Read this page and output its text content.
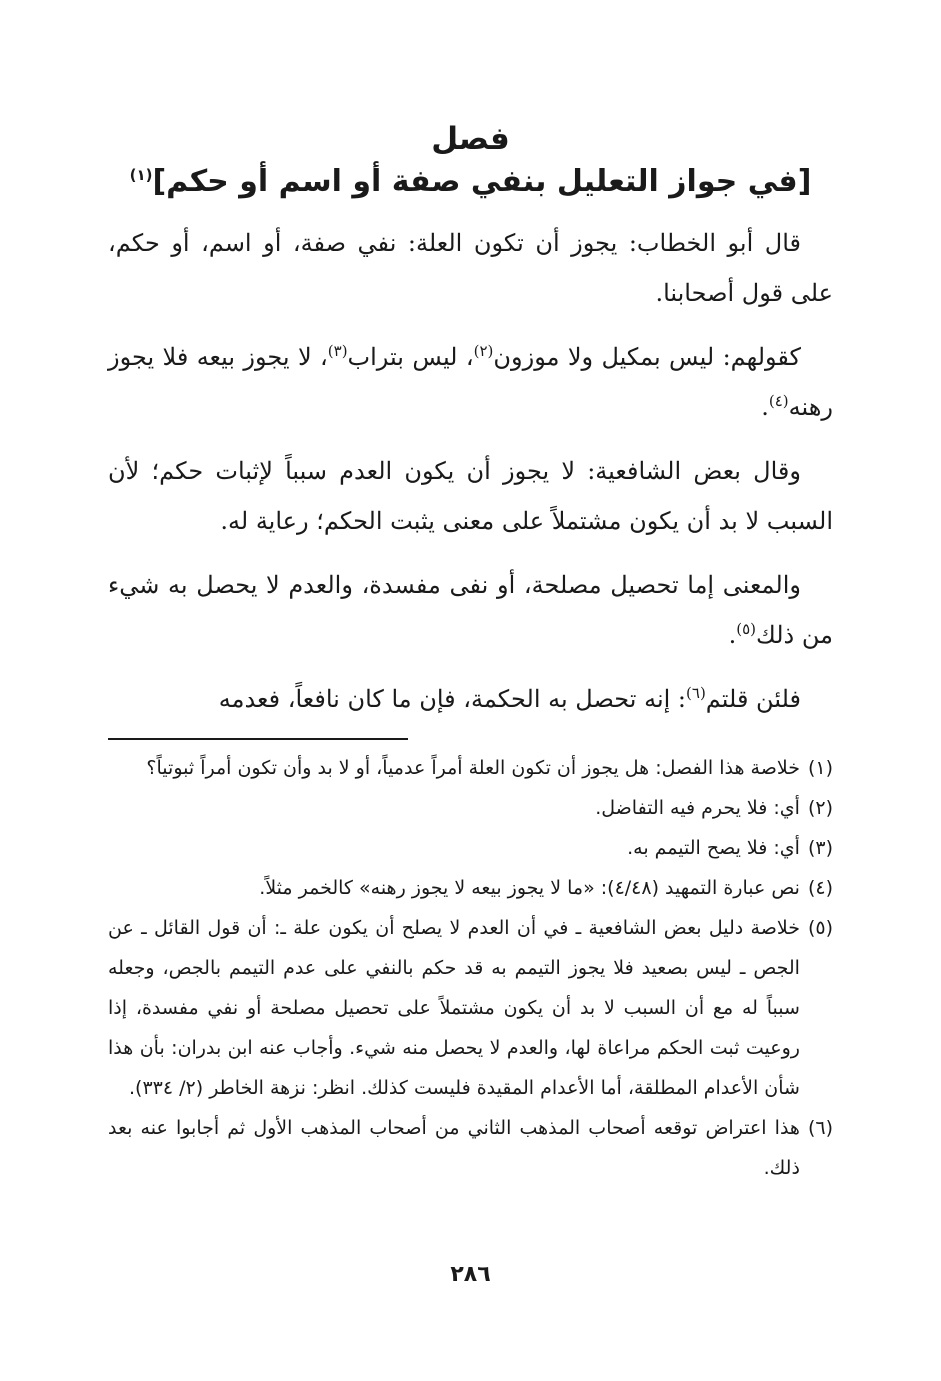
فصل
[في جواز التعليل بنفي صفة أو اسم أو حكم]$^{(١)}$

قال أبو الخطاب: يجوز أن تكون العلة: نفي صفة، أو اسم، أو حكم، على قول أصحابنا.

كقولهم: ليس بمكيل ولا موزون$^{(٢)}$، ليس بتراب$^{(٣)}$، لا يجوز بيعه فلا يجوز رهنه$^{(٤)}$.

وقال بعض الشافعية: لا يجوز أن يكون العدم سبباً لإثبات حكم؛ لأن السبب لا بد أن يكون مشتملاً على معنى يثبت الحكم؛ رعاية له.

والمعنى إما تحصيل مصلحة، أو نفى مفسدة، والعدم لا يحصل به شيء من ذلك$^{(٥)}$.

فلئن قلتم$^{(٦)}$: إنه تحصل به الحكمة، فإن ما كان نافعاً، فعدمه

(١)
خلاصة هذا الفصل: هل يجوز أن تكون العلة أمراً عدمياً، أو لا بد وأن تكون أمراً ثبوتياً؟
(٢)
أي: فلا يحرم فيه التفاضل.
(٣)
أي: فلا يصح التيمم به.
(٤)
نص عبارة التمهيد (٤/٤٨): «ما لا يجوز بيعه لا يجوز رهنه» كالخمر مثلاً.
(٥)
خلاصة دليل بعض الشافعية ـ في أن العدم لا يصلح أن يكون علة ـ: أن قول القائل ـ عن الجص ـ ليس بصعيد فلا يجوز التيمم به قد حكم بالنفي على عدم التيمم بالجص، وجعله سبباً له مع أن السبب لا بد أن يكون مشتملاً على تحصيل مصلحة أو نفي مفسدة، إذا روعيت ثبت الحكم مراعاة لها، والعدم لا يحصل منه شيء. وأجاب عنه ابن بدران: بأن هذا شأن الأعدام المطلقة، أما الأعدام المقيدة فليست كذلك. انظر: نزهة الخاطر (٢/ ٣٣٤).
(٦)
هذا اعتراض توقعه أصحاب المذهب الثاني من أصحاب المذهب الأول ثم أجابوا عنه بعد ذلك.
٢٨٦
